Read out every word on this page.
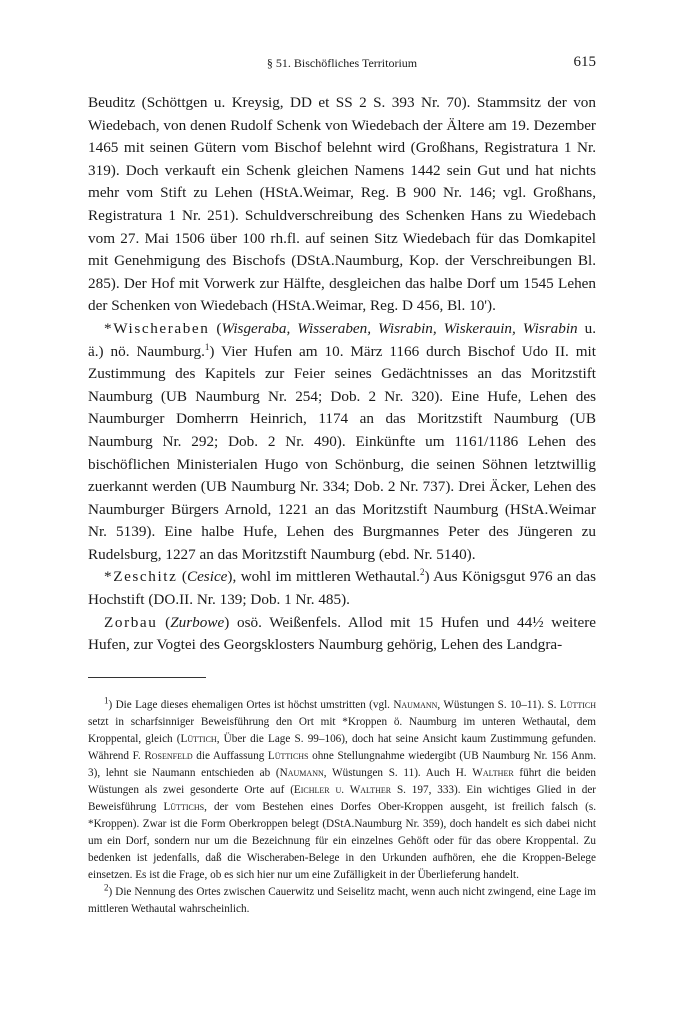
§ 51. Bischöfliches Territorium	615

Beuditz (Schöttgen u. Kreysig, DD et SS 2 S. 393 Nr. 70). Stammsitz der von Wiedebach, von denen Rudolf Schenk von Wiedebach der Ältere am 19. Dezember 1465 mit seinen Gütern vom Bischof belehnt wird (Großhans, Registratura 1 Nr. 319). Doch verkauft ein Schenk gleichen Namens 1442 sein Gut und hat nichts mehr vom Stift zu Lehen (HStA.Weimar, Reg. B 900 Nr. 146; vgl. Großhans, Registratura 1 Nr. 251). Schuldverschreibung des Schenken Hans zu Wiedebach vom 27. Mai 1506 über 100 rh.fl. auf seinen Sitz Wiedebach für das Domkapitel mit Genehmigung des Bischofs (DStA.Naumburg, Kop. der Verschreibungen Bl. 285). Der Hof mit Vorwerk zur Hälfte, desgleichen das halbe Dorf um 1545 Lehen der Schenken von Wiedebach (HStA.Weimar, Reg. D 456, Bl. 10').

*Wischeraben (Wisgeraba, Wisseraben, Wisrabin, Wiskerauin, Wisrabin u. ä.) nö. Naumburg.$^1$) Vier Hufen am 10. März 1166 durch Bischof Udo II. mit Zustimmung des Kapitels zur Feier seines Gedächtnisses an das Moritzstift Naumburg (UB Naumburg Nr. 254; Dob. 2 Nr. 320). Eine Hufe, Lehen des Naumburger Domherrn Heinrich, 1174 an das Moritzstift Naumburg (UB Naumburg Nr. 292; Dob. 2 Nr. 490). Einkünfte um 1161/1186 Lehen des bischöflichen Ministerialen Hugo von Schönburg, die seinen Söhnen letztwillig zuerkannt werden (UB Naumburg Nr. 334; Dob. 2 Nr. 737). Drei Äcker, Lehen des Naumburger Bürgers Arnold, 1221 an das Moritzstift Naumburg (HStA.Weimar Nr. 5139). Eine halbe Hufe, Lehen des Burgmannes Peter des Jüngeren zu Rudelsburg, 1227 an das Moritzstift Naumburg (ebd. Nr. 5140).

*Zeschitz (Cesice), wohl im mittleren Wethautal.$^2$) Aus Königsgut 976 an das Hochstift (DO.II. Nr. 139; Dob. 1 Nr. 485).

Zorbau (Zurbowe) osö. Weißenfels. Allod mit 15 Hufen und 44½ weitere Hufen, zur Vogtei des Georgsklosters Naumburg gehörig, Lehen des Landgra-

$^1$) Die Lage dieses ehemaligen Ortes ist höchst umstritten (vgl. Naumann, Wüstungen S. 10–11). S. Lüttich setzt in scharfsinniger Beweisführung den Ort mit *Kroppen ö. Naumburg im unteren Wethautal, dem Kroppental, gleich (Lüttich, Über die Lage S. 99–106), doch hat seine Ansicht kaum Zustimmung gefunden. Während F. Rosenfeld die Auffassung Lüttichs ohne Stellungnahme wiedergibt (UB Naumburg Nr. 156 Anm. 3), lehnt sie Naumann entschieden ab (Naumann, Wüstungen S. 11). Auch H. Walther führt die beiden Wüstungen als zwei gesonderte Orte auf (Eichler u. Walther S. 197, 333). Ein wichtiges Glied in der Beweisführung Lüttichs, der vom Bestehen eines Dorfes Ober-Kroppen ausgeht, ist freilich falsch (s. *Kroppen). Zwar ist die Form Oberkroppen belegt (DStA.Naumburg Nr. 359), doch handelt es sich dabei nicht um ein Dorf, sondern nur um die Bezeichnung für ein einzelnes Gehöft oder für das obere Kroppental. Zu bedenken ist jedenfalls, daß die Wischeraben-Belege in den Urkunden aufhören, ehe die Kroppen-Belege einsetzen. Es ist die Frage, ob es sich hier nur um eine Zufälligkeit in der Überlieferung handelt.

$^2$) Die Nennung des Ortes zwischen Cauerwitz und Seiselitz macht, wenn auch nicht zwingend, eine Lage im mittleren Wethautal wahrscheinlich.
